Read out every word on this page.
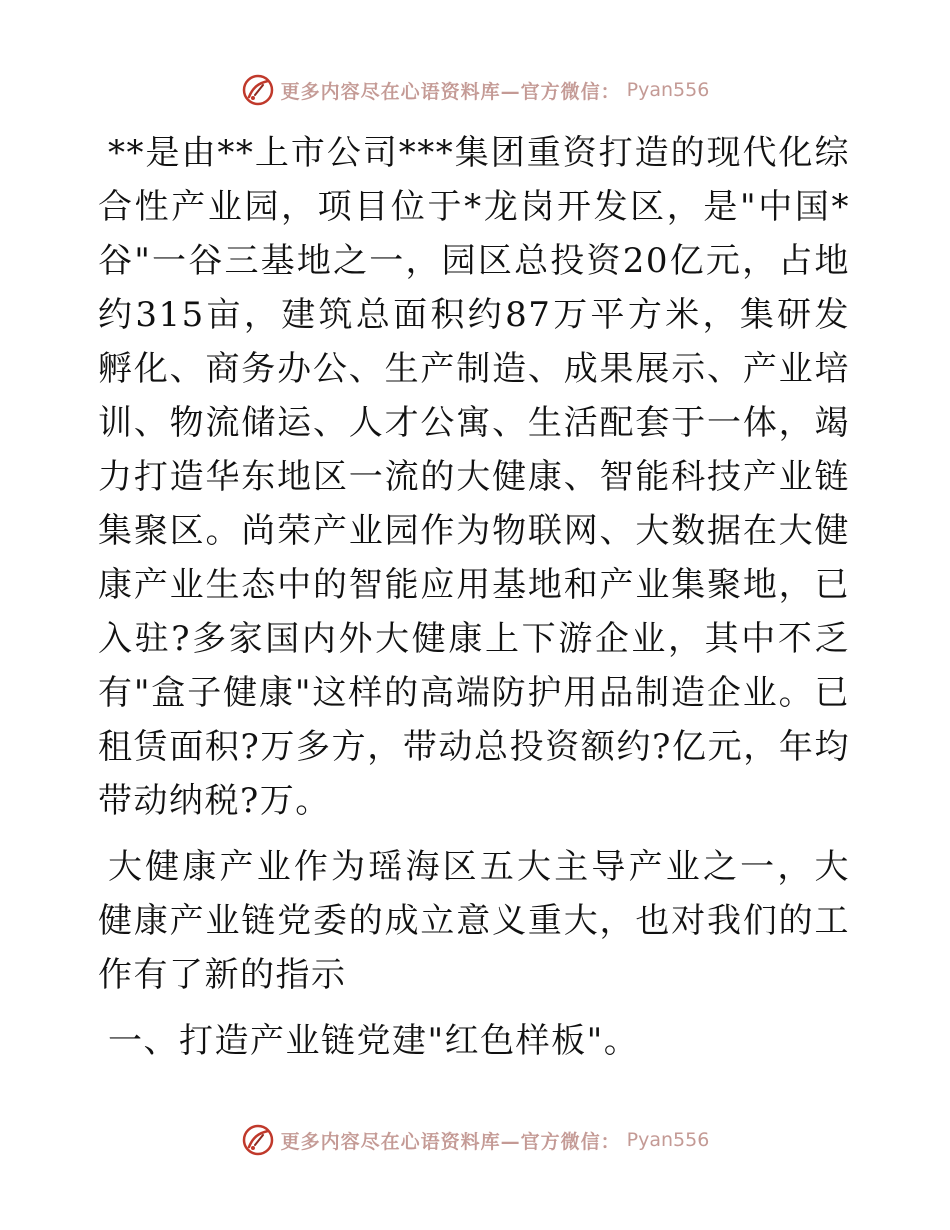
更多内容尽在心语资料库—官方微信： Pyan556

**是由**上市公司***集团重资打造的现代化综合性产业园，项目位于*龙岗开发区，是"中国*谷"一谷三基地之一，园区总投资20亿元，占地约315亩，建筑总面积约87万平方米，集研发孵化、商务办公、生产制造、成果展示、产业培训、物流储运、人才公寓、生活配套于一体，竭力打造华东地区一流的大健康、智能科技产业链集聚区。尚荣产业园作为物联网、大数据在大健康产业生态中的智能应用基地和产业集聚地，已入驻?多家国内外大健康上下游企业，其中不乏有"盒子健康"这样的高端防护用品制造企业。已租赁面积?万多方，带动总投资额约?亿元，年均带动纳税?万。

大健康产业作为瑶海区五大主导产业之一，大健康产业链党委的成立意义重大，也对我们的工作有了新的指示

一、打造产业链党建"红色样板"。

更多内容尽在心语资料库—官方微信： Pyan556
